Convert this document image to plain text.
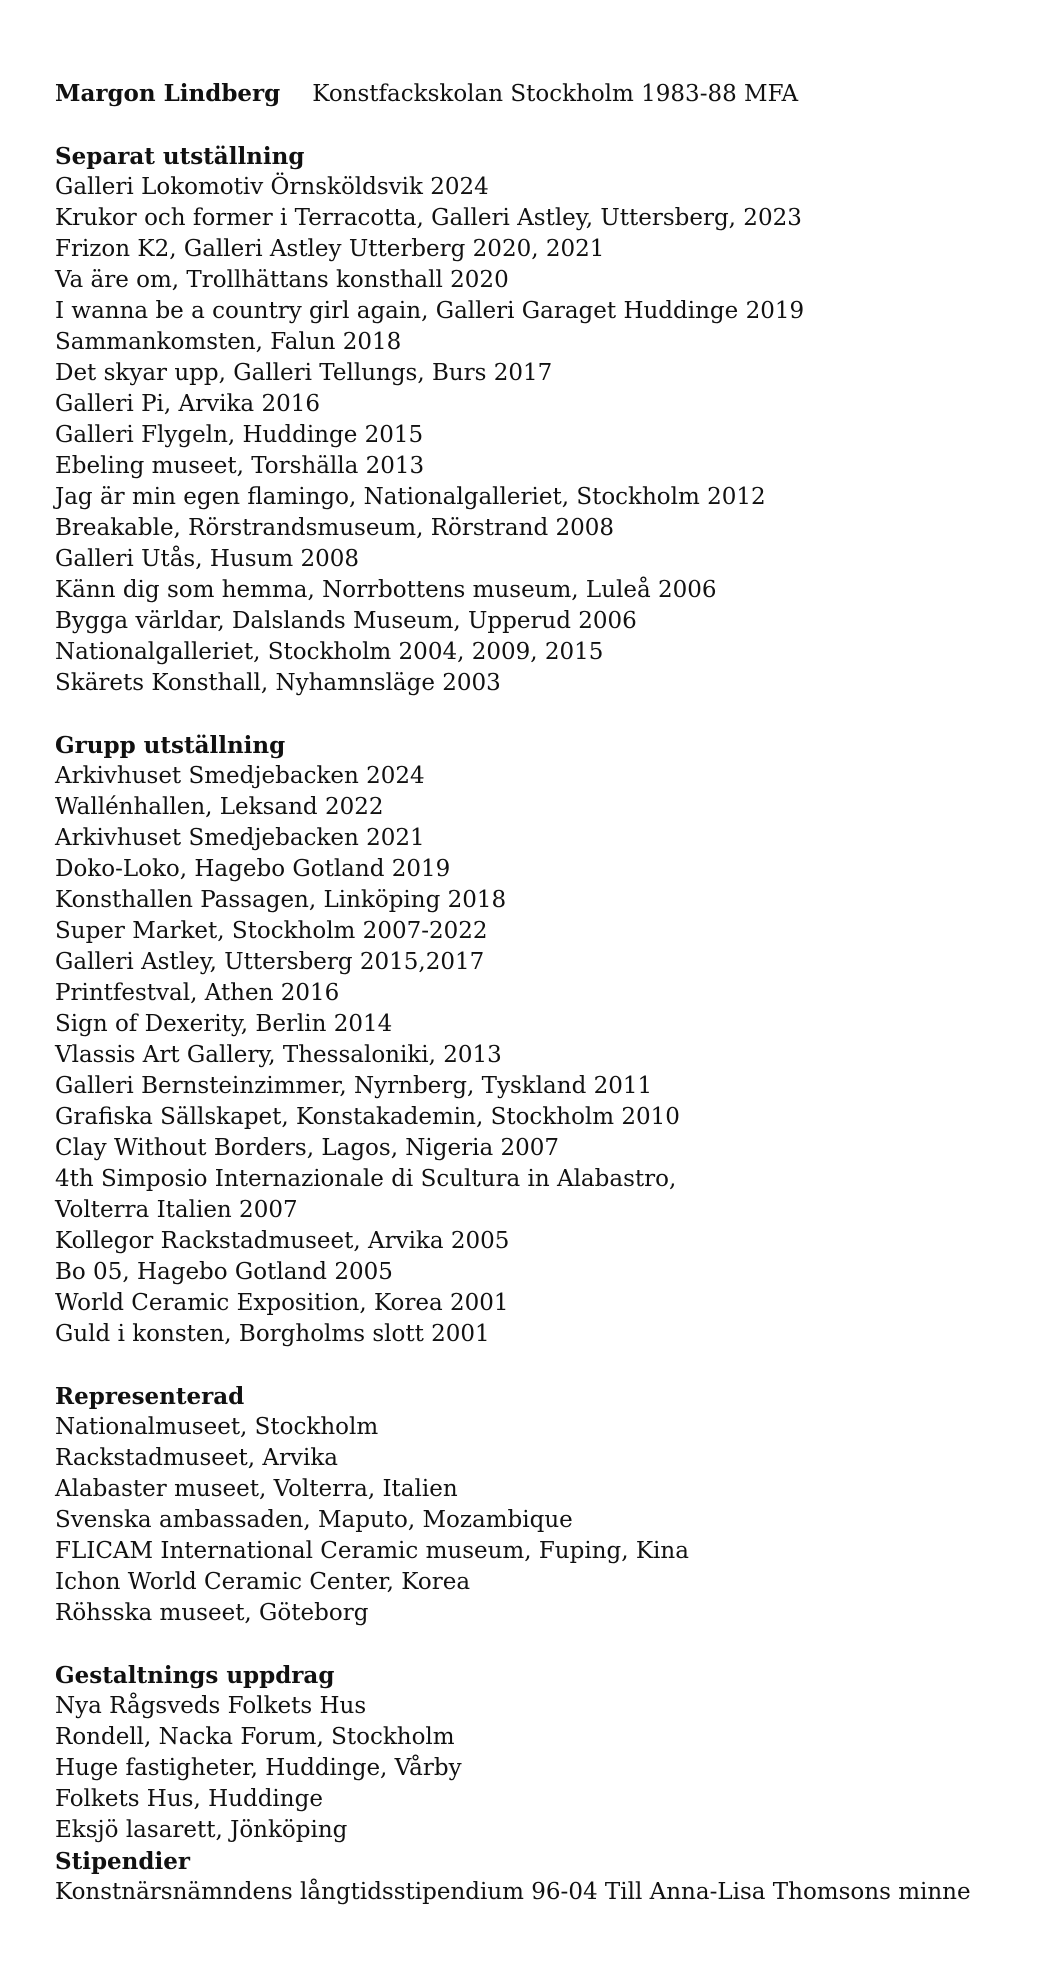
Margon Lindberg Konstfackskolan Stockholm 1983-88 MFA
Separat utställning
Galleri Lokomotiv Örnsköldsvik 2024
Krukor och former i Terracotta, Galleri Astley, Uttersberg, 2023
Frizon K2, Galleri Astley Utterberg 2020, 2021
Va äre om, Trollhättans konsthall 2020
I wanna be a country girl again, Galleri Garaget Huddinge 2019
Sammankomsten, Falun 2018
Det skyar upp, Galleri Tellungs, Burs 2017
Galleri Pi, Arvika 2016
Galleri Flygeln, Huddinge 2015
Ebeling museet, Torshälla 2013
Jag är min egen flamingo, Nationalgalleriet, Stockholm 2012
Breakable, Rörstrandsmuseum, Rörstrand 2008
Galleri Utås, Husum 2008
Känn dig som hemma, Norrbottens museum, Luleå 2006
Bygga världar, Dalslands Museum, Upperud 2006
Nationalgalleriet, Stockholm 2004, 2009, 2015
Skärets Konsthall, Nyhamnsläge 2003
Grupp utställning
Arkivhuset Smedjebacken 2024
Wallénhallen, Leksand 2022
Arkivhuset Smedjebacken 2021
Doko-Loko, Hagebo Gotland 2019
Konsthallen Passagen, Linköping 2018
Super Market, Stockholm 2007-2022
Galleri Astley, Uttersberg 2015,2017
Printfestval, Athen 2016
Sign of Dexerity, Berlin 2014
Vlassis Art Gallery, Thessaloniki, 2013
Galleri Bernsteinzimmer, Nyrnberg, Tyskland 2011
Grafiska Sällskapet, Konstakademin, Stockholm 2010
Clay Without Borders, Lagos, Nigeria 2007
4th Simposio Internazionale di Scultura in Alabastro,
Volterra Italien 2007
Kollegor Rackstadmuseet, Arvika 2005
Bo 05, Hagebo Gotland 2005
World Ceramic Exposition, Korea 2001
Guld i konsten, Borgholms slott 2001
Representerad
Nationalmuseet, Stockholm
Rackstadmuseet, Arvika
Alabaster museet, Volterra, Italien
Svenska ambassaden, Maputo, Mozambique
FLICAM International Ceramic museum, Fuping, Kina
Ichon World Ceramic Center, Korea
Röhsska museet, Göteborg
Gestaltnings uppdrag
Nya Rågsveds Folkets Hus
Rondell, Nacka Forum, Stockholm
Huge fastigheter, Huddinge, Vårby
Folkets Hus, Huddinge
Eksjö lasarett, Jönköping
Stipendier
Konstnärsnämndens långtidsstipendium 96-04 Till Anna-Lisa Thomsons minne
